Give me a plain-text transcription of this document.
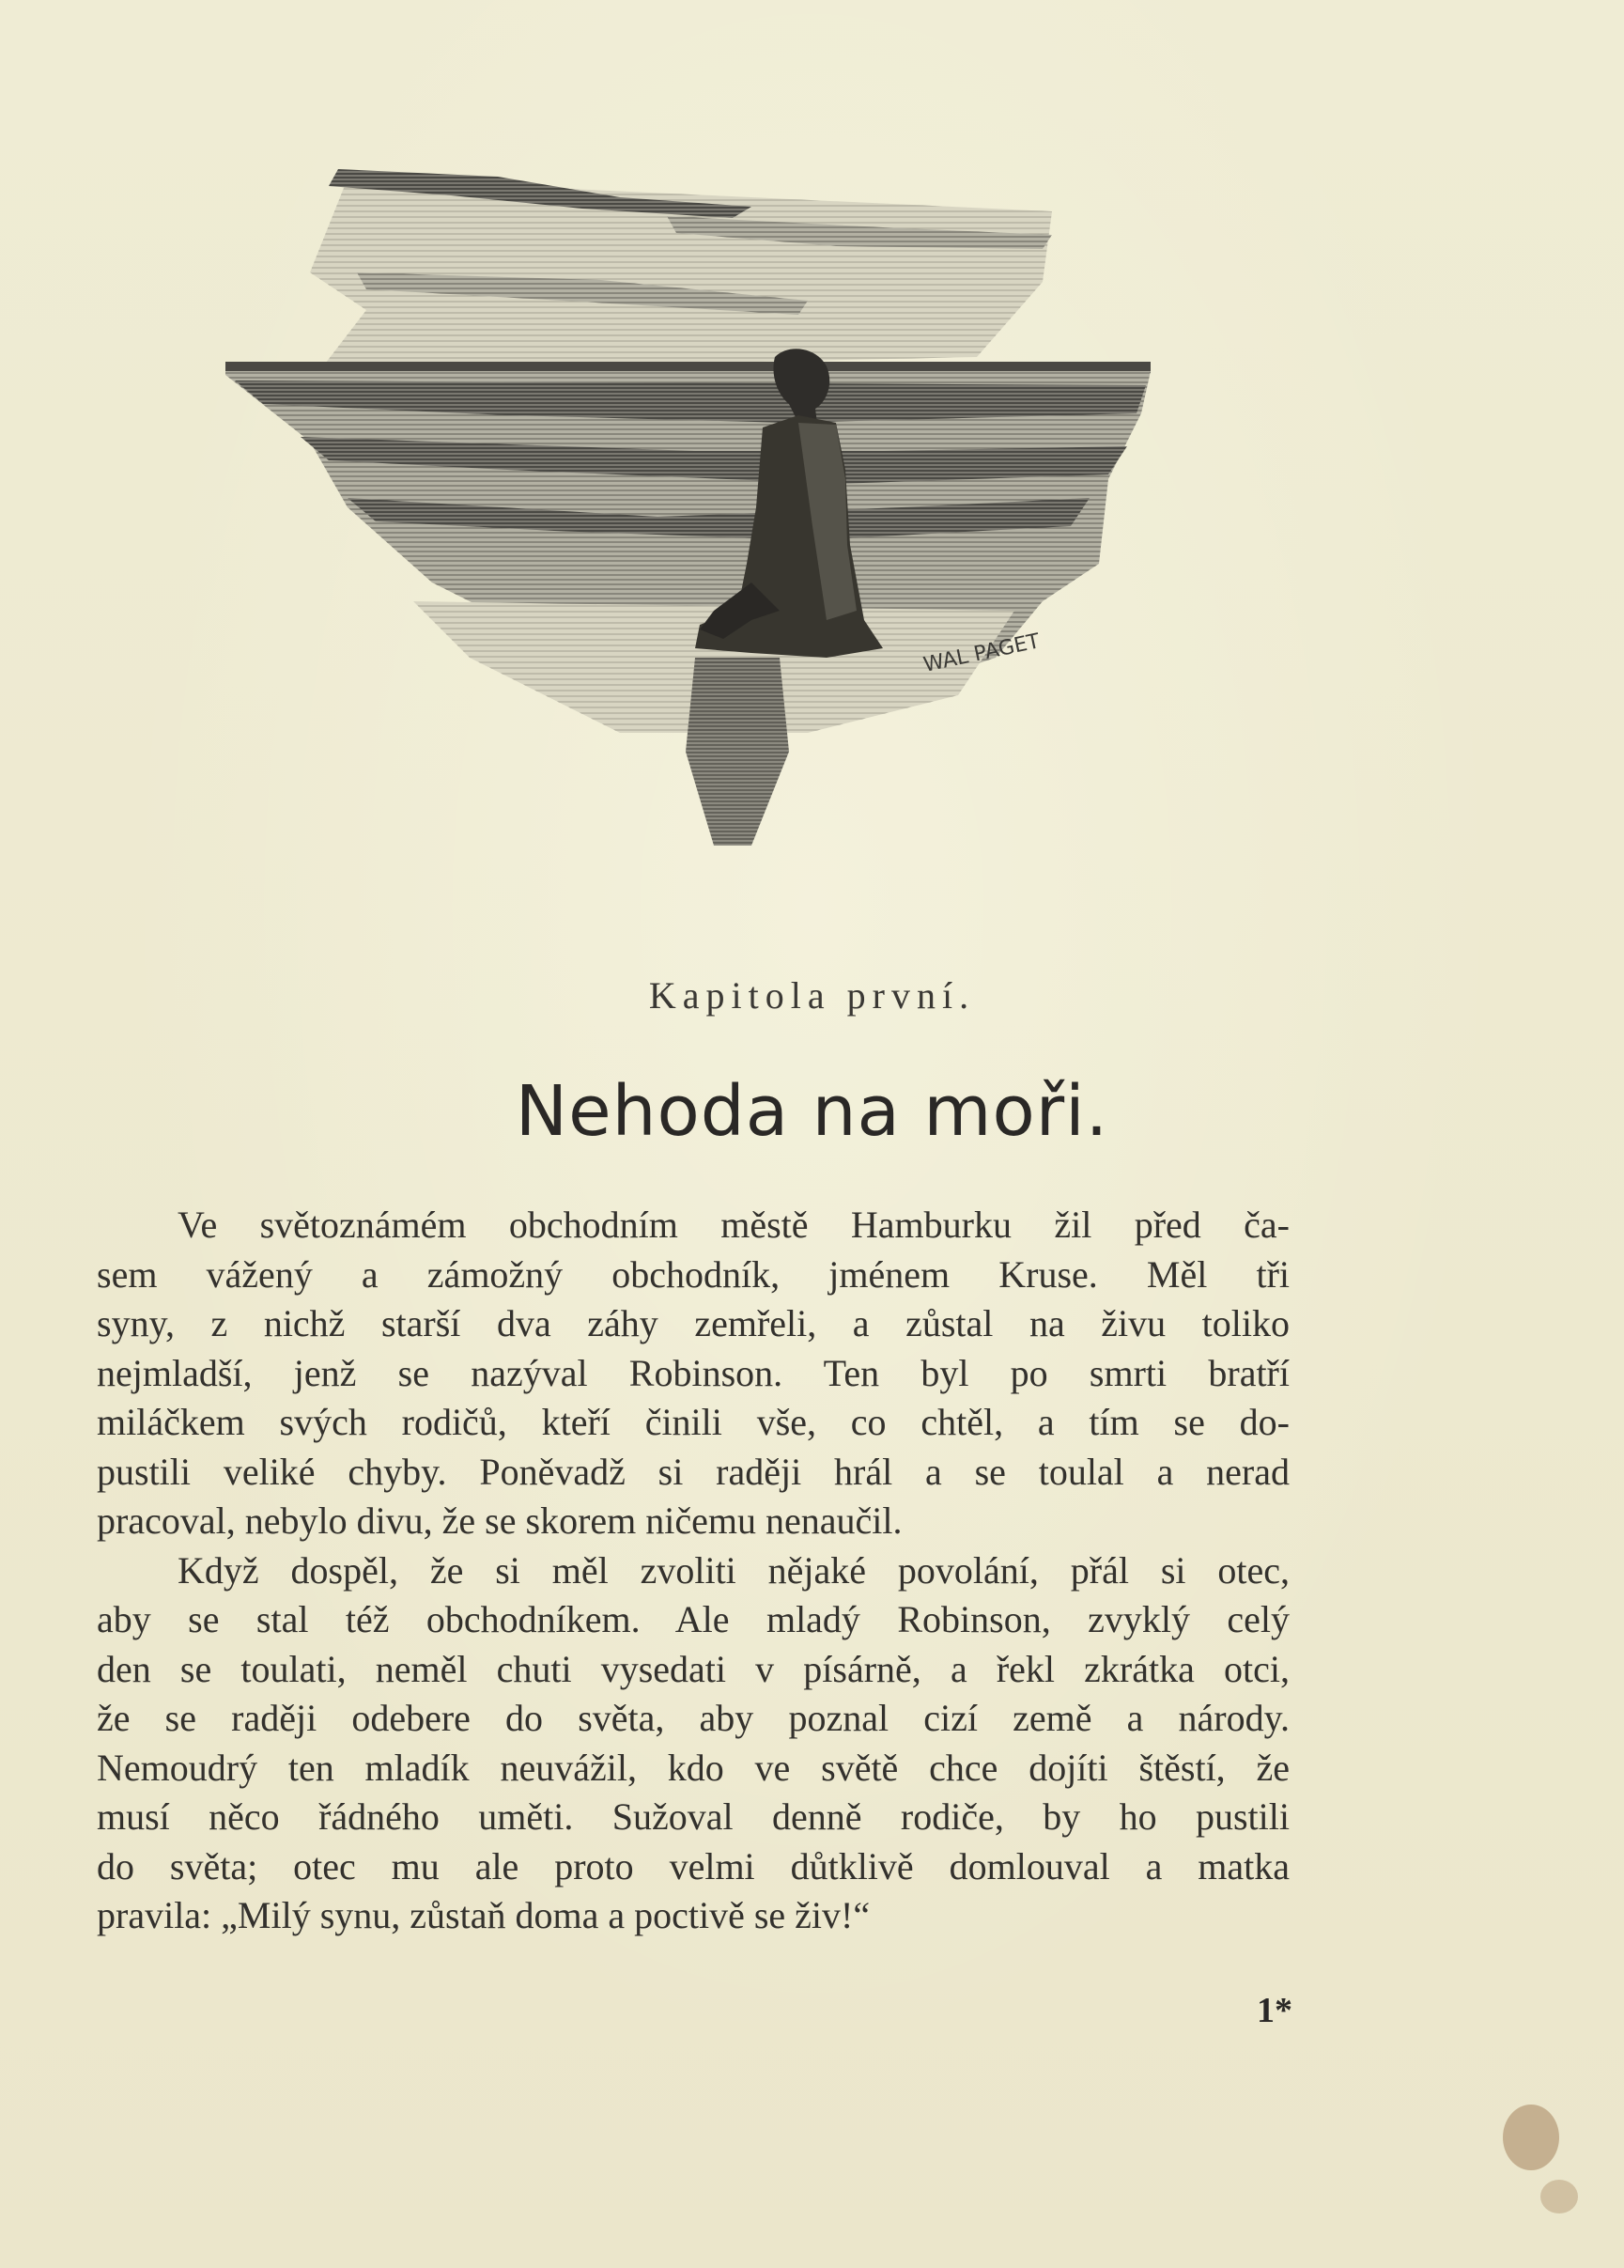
WAL PAGET
Kapitola první.
Nehoda na moři.
Ve světoznámém obchodním městě Hamburku žil před ča-
sem vážený a zámožný obchodník, jménem Kruse. Měl tři
syny, z nichž starší dva záhy zemřeli, a zůstal na živu toliko
nejmladší, jenž se nazýval Robinson. Ten byl po smrti bratří
miláčkem svých rodičů, kteří činili vše, co chtěl, a tím se do-
pustili veliké chyby. Poněvadž si raději hrál a se toulal a nerad
pracoval, nebylo divu, že se skorem ničemu nenaučil.
Když dospěl, že si měl zvoliti nějaké povolání, přál si otec,
aby se stal též obchodníkem. Ale mladý Robinson, zvyklý celý
den se toulati, neměl chuti vysedati v písárně, a řekl zkrátka otci,
že se raději odebere do světa, aby poznal cizí země a národy.
Nemoudrý ten mladík neuvážil, kdo ve světě chce dojíti štěstí, že
musí něco řádného uměti. Sužoval denně rodiče, by ho pustili
do světa; otec mu ale proto velmi důtklivě domlouval a matka
pravila: „Milý synu, zůstaň doma a poctivě se živ!“
1*
